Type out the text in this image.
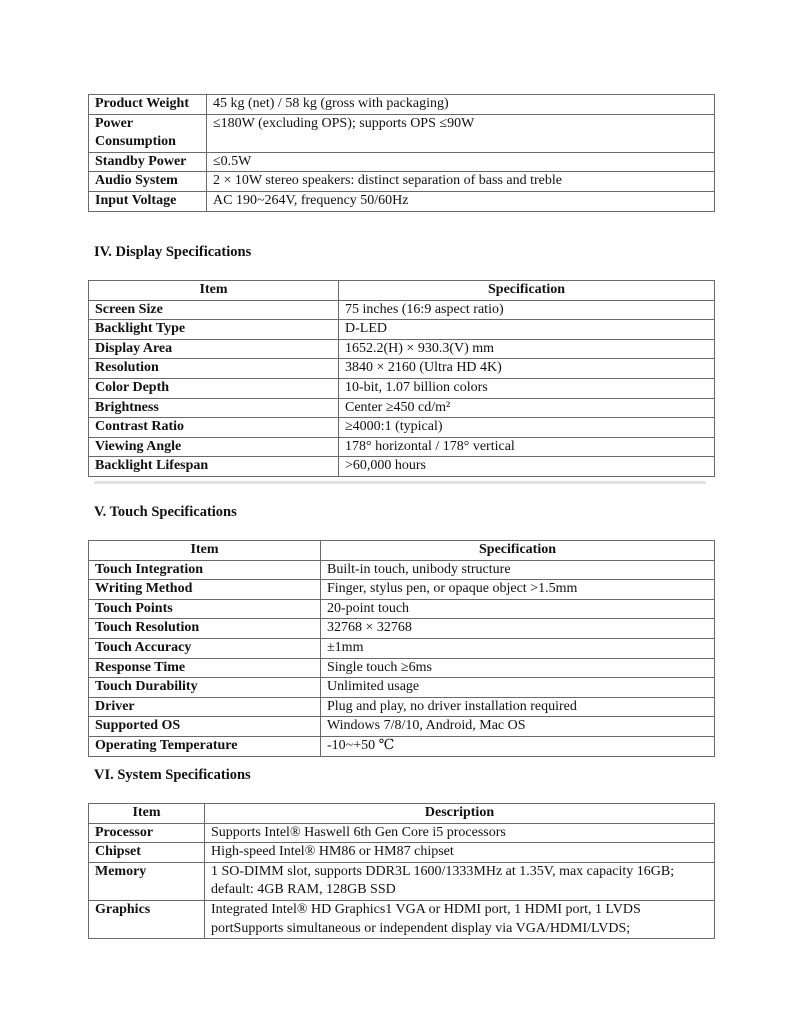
Product Weight	45 kg (net) / 58 kg (gross with packaging)
Power Consumption	≤180W (excluding OPS); supports OPS ≤90W
Standby Power	≤0.5W
Audio System	2 × 10W stereo speakers: distinct separation of bass and treble
Input Voltage	AC 190~264V, frequency 50/60Hz
IV. Display Specifications
Item	Specification
Screen Size	75 inches (16:9 aspect ratio)
Backlight Type	D-LED
Display Area	1652.2(H) × 930.3(V) mm
Resolution	3840 × 2160 (Ultra HD 4K)
Color Depth	10-bit, 1.07 billion colors
Brightness	Center ≥450 cd/m²
Contrast Ratio	≥4000:1 (typical)
Viewing Angle	178° horizontal / 178° vertical
Backlight Lifespan	>60,000 hours
V. Touch Specifications
Item	Specification
Touch Integration	Built-in touch, unibody structure
Writing Method	Finger, stylus pen, or opaque object >1.5mm
Touch Points	20-point touch
Touch Resolution	32768 × 32768
Touch Accuracy	±1mm
Response Time	Single touch ≥6ms
Touch Durability	Unlimited usage
Driver	Plug and play, no driver installation required
Supported OS	Windows 7/8/10, Android, Mac OS
Operating Temperature	-10~+50 ℃
VI. System Specifications
Item	Description
Processor	Supports Intel® Haswell 6th Gen Core i5 processors
Chipset	High-speed Intel® HM86 or HM87 chipset
Memory	1 SO-DIMM slot, supports DDR3L 1600/1333MHz at 1.35V, max capacity 16GB; default: 4GB RAM, 128GB SSD
Graphics	Integrated Intel® HD Graphics1 VGA or HDMI port, 1 HDMI port, 1 LVDS portSupports simultaneous or independent display via VGA/HDMI/LVDS;
